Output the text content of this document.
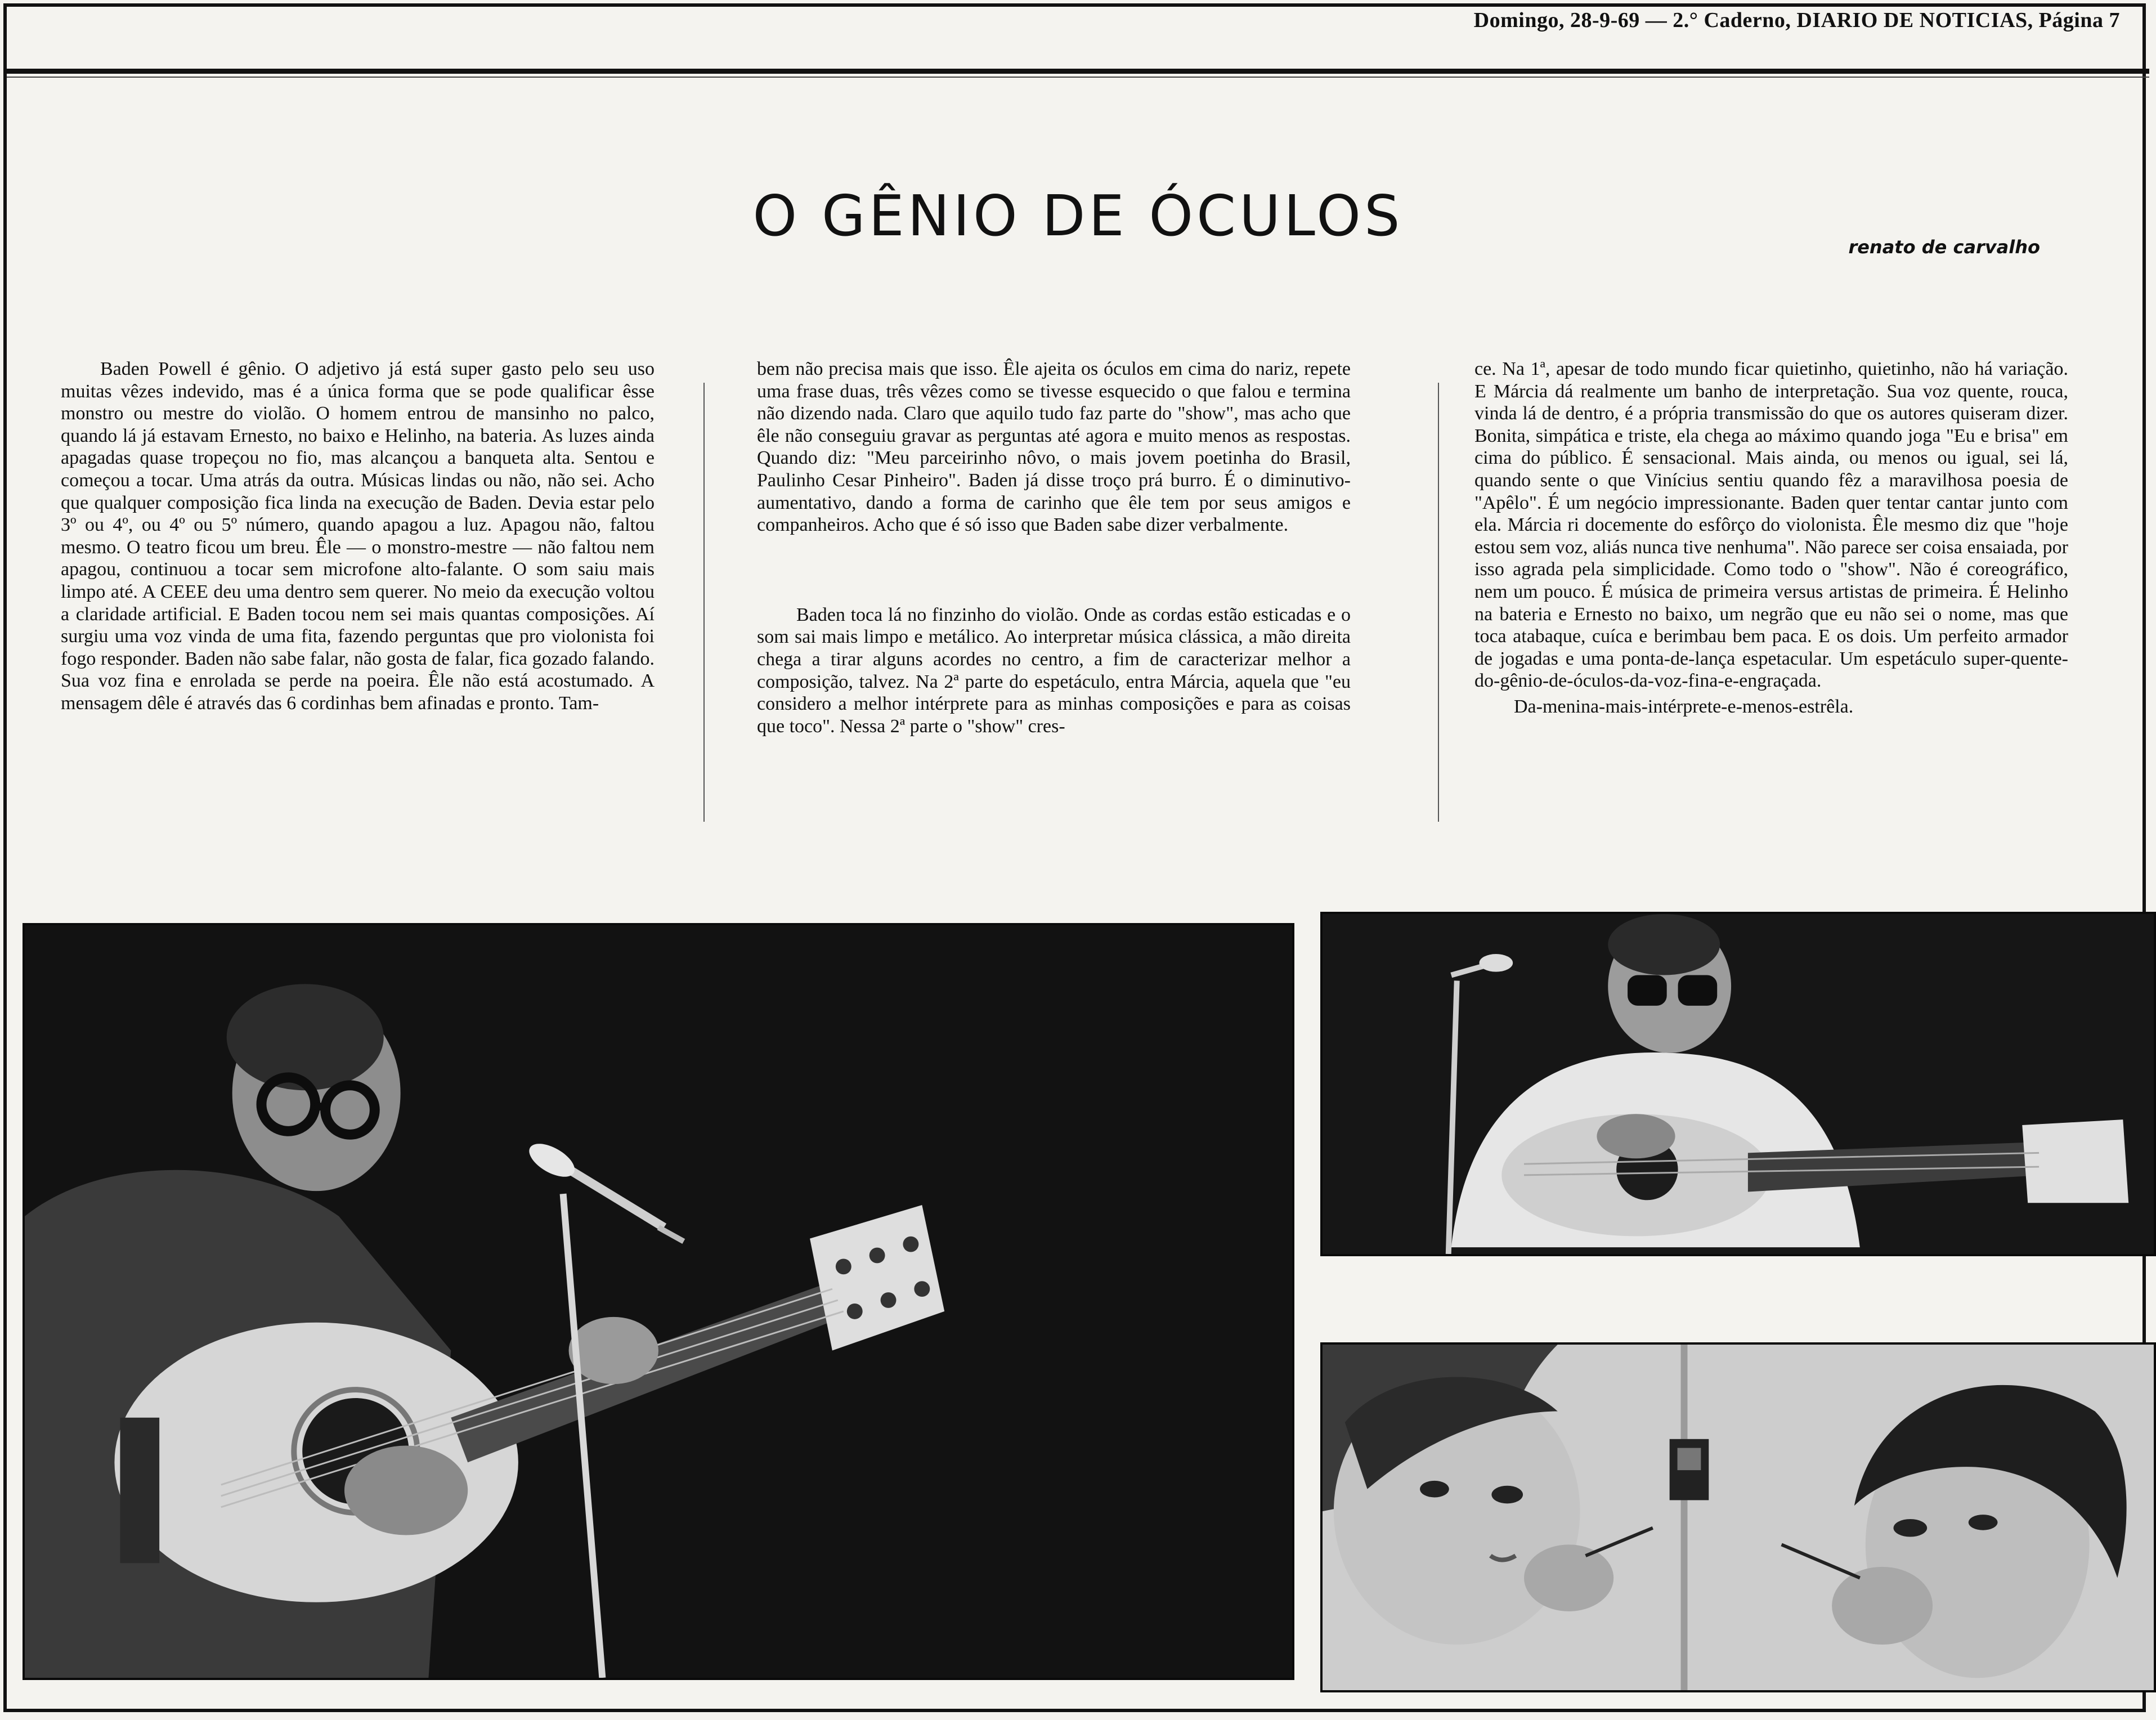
Domingo, 28-9-69 — 2.° Caderno, DIARIO DE NOTICIAS, Página 7
O GÊNIO DE ÓCULOS	renato de carvalho

Baden Powell é gênio. O adjetivo já está super gasto pelo seu uso muitas vêzes indevido, mas é a única forma que se pode qualificar êsse monstro ou mestre do violão. O homem entrou de mansinho no palco, quando lá já estavam Ernesto, no baixo e Helinho, na bateria. As luzes ainda apagadas quase tropeçou no fio, mas alcançou a banqueta alta. Sentou e começou a tocar. Uma atrás da outra. Músicas lindas ou não, não sei. Acho que qualquer composição fica linda na execução de Baden. Devia estar pelo 3º ou 4º, ou 4º ou 5º número, quando apagou a luz. Apagou não, faltou mesmo. O teatro ficou um breu. Êle — o monstro-mestre — não faltou nem apagou, continuou a tocar sem microfone alto-falante. O som saiu mais limpo até. A CEEE deu uma dentro sem querer. No meio da execução voltou a claridade artificial. E Baden tocou nem sei mais quantas composições. Aí surgiu uma voz vinda de uma fita, fazendo perguntas que pro violonista foi fogo responder. Baden não sabe falar, não gosta de falar, fica gozado falando. Sua voz fina e enrolada se perde na poeira. Êle não está acostumado. A mensagem dêle é através das 6 cordinhas bem afinadas e pronto. Tam-

bem não precisa mais que isso. Êle ajeita os óculos em cima do nariz, repete uma frase duas, três vêzes como se tivesse esquecido o que falou e termina não dizendo nada. Claro que aquilo tudo faz parte do "show", mas acho que êle não conseguiu gravar as perguntas até agora e muito menos as respostas. Quando diz: "Meu parceirinho nôvo, o mais jovem poetinha do Brasil, Paulinho Cesar Pinheiro". Baden já disse troço prá burro. É o diminutivo-aumentativo, dando a forma de carinho que êle tem por seus amigos e companheiros. Acho que é só isso que Baden sabe dizer verbalmente.

Baden toca lá no finzinho do violão. Onde as cordas estão esticadas e o som sai mais limpo e metálico. Ao interpretar música clássica, a mão direita chega a tirar alguns acordes no centro, a fim de caracterizar melhor a composição, talvez. Na 2ª parte do espetáculo, entra Márcia, aquela que "eu considero a melhor intérprete para as minhas composições e para as coisas que toco". Nessa 2ª parte o "show" cres-

ce. Na 1ª, apesar de todo mundo ficar quietinho, quietinho, não há variação. E Márcia dá realmente um banho de interpretação. Sua voz quente, rouca, vinda lá de dentro, é a própria transmissão do que os autores quiseram dizer. Bonita, simpática e triste, ela chega ao máximo quando joga "Eu e brisa" em cima do público. É sensacional. Mais ainda, ou menos ou igual, sei lá, quando sente o que Vinícius sentiu quando fêz a maravilhosa poesia de "Apêlo". É um negócio impressionante. Baden quer tentar cantar junto com ela. Márcia ri docemente do esfôrço do violonista. Êle mesmo diz que "hoje estou sem voz, aliás nunca tive nenhuma". Não parece ser coisa ensaiada, por isso agrada pela simplicidade. Como todo o "show". Não é coreográfico, nem um pouco. É música de primeira versus artistas de primeira. É Helinho na bateria e Ernesto no baixo, um negrão que eu não sei o nome, mas que toca atabaque, cuíca e berimbau bem paca. E os dois. Um perfeito armador de jogadas e uma ponta-de-lança espetacular. Um espetáculo super-quente-do-gênio-de-óculos-da-voz-fina-e-engraçada.

Da-menina-mais-intérprete-e-menos-estrêla.
